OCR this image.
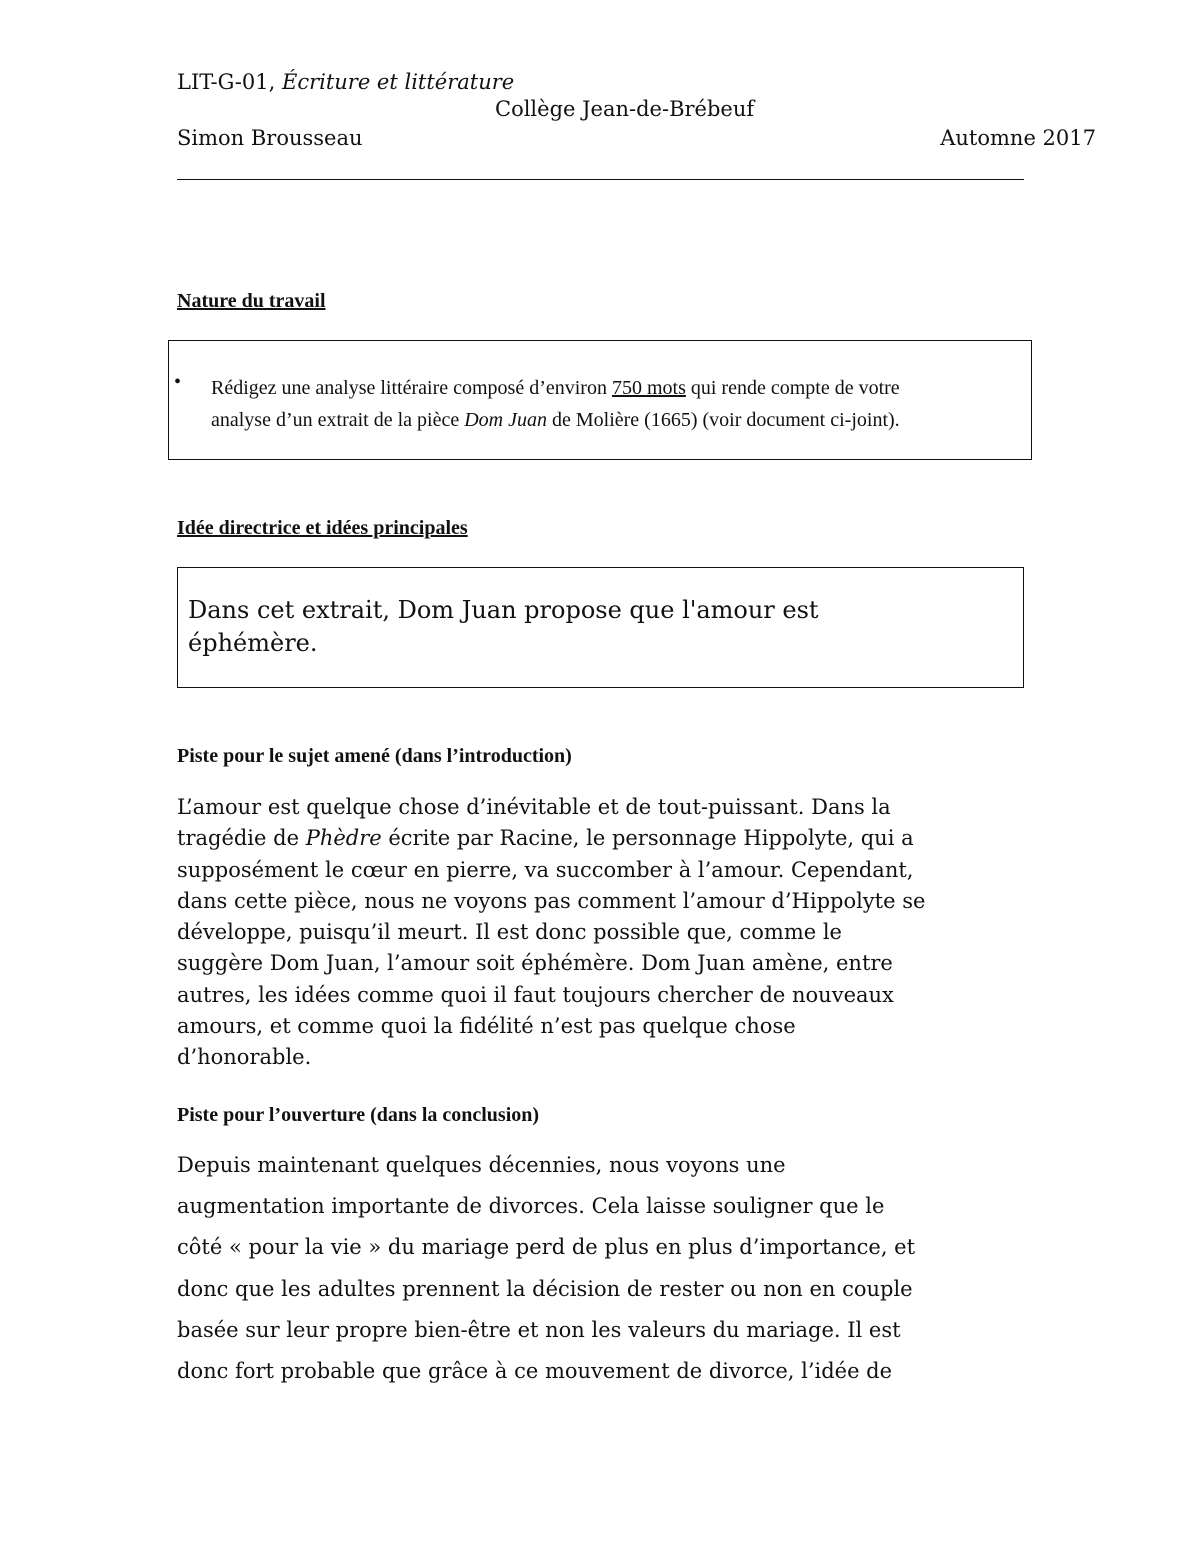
LIT-G-01, Écriture et littérature
Collège Jean-de-Brébeuf
Simon Brousseau	Automne 2017
Nature du travail
• Rédigez une analyse littéraire composé d’environ 750 mots qui rende compte de votre
analyse d’un extrait de la pièce Dom Juan de Molière (1665) (voir document ci-joint).
Idée directrice et idées principales
Dans cet extrait, Dom Juan propose que l'amour est
éphémère.
Piste pour le sujet amené (dans l’introduction)
L’amour est quelque chose d’inévitable et de tout-puissant. Dans la
tragédie de Phèdre écrite par Racine, le personnage Hippolyte, qui a
supposément le cœur en pierre, va succomber à l’amour. Cependant,
dans cette pièce, nous ne voyons pas comment l’amour d’Hippolyte se
développe, puisqu’il meurt. Il est donc possible que, comme le
suggère Dom Juan, l’amour soit éphémère. Dom Juan amène, entre
autres, les idées comme quoi il faut toujours chercher de nouveaux
amours, et comme quoi la fidélité n’est pas quelque chose
d’honorable.
Piste pour l’ouverture (dans la conclusion)
Depuis maintenant quelques décennies, nous voyons une
augmentation importante de divorces. Cela laisse souligner que le
côté « pour la vie » du mariage perd de plus en plus d’importance, et
donc que les adultes prennent la décision de rester ou non en couple
basée sur leur propre bien-être et non les valeurs du mariage. Il est
donc fort probable que grâce à ce mouvement de divorce, l’idée de
